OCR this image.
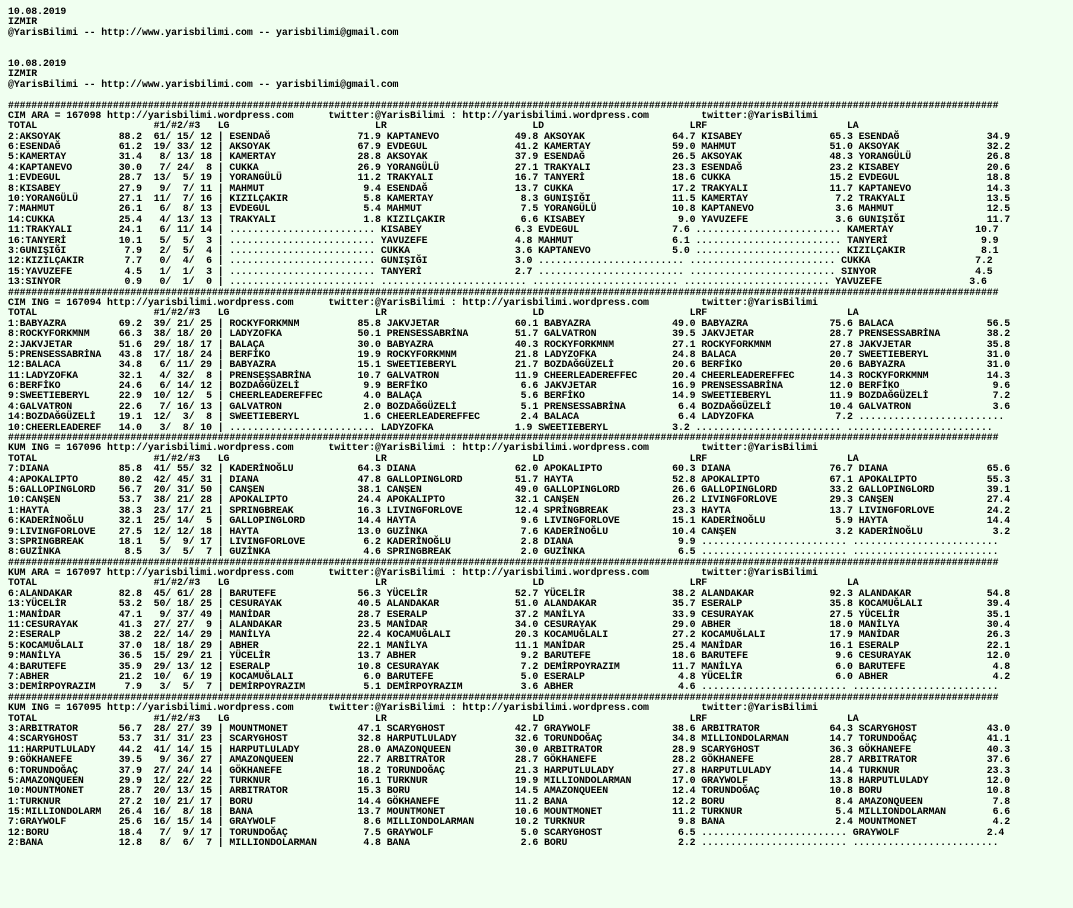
10.08.2019
IZMIR
@YarisBilimi -- http://www.yarisbilimi.com -- yarisbilimi@gmail.com

10.08.2019
IZMIR
@YarisBilimi -- http://www.yarisbilimi.com -- yarisbilimi@gmail.com

##########################################################################################################################################################################
CIM ARA = 167098 http://yarisbilimi.wordpress.com      twitter:@YarisBilimi : http://yarisbilimi.wordpress.com         twitter:@YarisBilimi
TOTAL                    #1/#2/#3   LG                         LR                         LD                         LRF                        LA
2:AKSOYAK          88.2  61/ 15/ 12 | ESENDAĞ               71.9 KAPTANEVO             49.8 AKSOYAK               64.7 KISABEY               65.3 ESENDAĞ               34.9
6:ESENDAĞ          61.2  19/ 33/ 12 | AKSOYAK               67.9 EVDEGUL               41.2 KAMERTAY              59.0 MAHMUT                51.0 AKSOYAK               32.2
5:KAMERTAY         31.4   8/ 13/ 18 | KAMERTAY              28.8 AKSOYAK               37.9 ESENDAĞ               26.5 AKSOYAK               48.3 YORANGÜLÜ             26.8
4:KAPTANEVO        30.0   7/ 24/  8 | CUKKA                 26.9 YORANGÜLÜ             27.1 TRAKYALI              23.3 ESENDAĞ               23.2 KISABEY               20.6
1:EVDEGUL          28.7  13/  5/ 19 | YORANGÜLÜ             11.2 TRAKYALI              16.7 TANYERİ               18.6 CUKKA                 15.2 EVDEGUL               18.8
8:KISABEY          27.9   9/  7/ 11 | MAHMUT                 9.4 ESENDAĞ               13.7 CUKKA                 17.2 TRAKYALI              11.7 KAPTANEVO             14.3
10:YORANGÜLÜ       27.1  11/  7/ 16 | KIZILÇAKIR             5.8 KAMERTAY               8.3 GUNIŞIĞI              11.5 KAMERTAY               7.2 TRAKYALI              13.5
7:MAHMUT           26.1   6/  8/ 13 | EVDEGUL                5.4 MAHMUT                 7.5 YORANGÜLÜ             10.8 KAPTANEVO              3.6 MAHMUT                12.5
14:CUKKA           25.4   4/ 13/ 13 | TRAKYALI               1.8 KIZILÇAKIR             6.6 KISABEY                9.0 YAVUZEFE               3.6 GUNIŞIĞI              11.7
11:TRAKYALI        24.1   6/ 11/ 14 | ......................... KISABEY                6.3 EVDEGUL                7.6 ......................... KAMERTAY              10.7
16:TANYERİ         10.1   5/  5/  3 | ......................... YAVUZEFE               4.8 MAHMUT                 6.1 ......................... TANYERİ                9.9
3:GUNIŞIĞI          7.9   2/  5/  4 | ......................... CUKKA                  3.6 KAPTANEVO              5.0 ......................... KIZILÇAKIR             8.1
12:KIZILÇAKIR       7.7   0/  4/  6 | ......................... GUNIŞIĞI               3.0 ......................... ......................... CUKKA                  7.2
15:YAVUZEFE         4.5   1/  1/  3 | ......................... TANYERİ                2.7 ......................... ......................... SINYOR                 4.5
13:SINYOR           0.9   0/  1/  0 | ......................... ......................... ......................... ......................... YAVUZEFE               3.6
##########################################################################################################################################################################
CIM ING = 167094 http://yarisbilimi.wordpress.com      twitter:@YarisBilimi : http://yarisbilimi.wordpress.com         twitter:@YarisBilimi
TOTAL                    #1/#2/#3   LG                         LR                         LD                         LRF                        LA
1:BABYAZRA         69.2  39/ 21/ 25 | ROCKYFORKMNM          85.8 JAKVJETAR             60.1 BABYAZRA              49.0 BABYAZRA              75.6 BALACA                56.5
8:ROCKYFORKMNM     66.3  38/ 18/ 20 | LADYZOFKA             50.1 PRENSESSABRİNA        51.7 GALVATRON             39.5 JAKVJETAR             28.7 PRENSESSABRİNA        38.2
2:JAKVJETAR        51.6  29/ 18/ 17 | BALAÇA                30.0 BABYAZRA              40.3 ROCKYFORKMNM          27.1 ROCKYFORKMNM          27.8 JAKVJETAR             35.8
5:PRENSESSABRİNA   43.8  17/ 18/ 24 | BERFİKO               19.9 ROCKYFORKMNM          21.8 LADYZOFKA             24.8 BALACA                20.7 SWEETIEBERYL          31.0
12:BALACA          34.8   6/ 11/ 29 | BABYAZRA              15.1 SWEETIEBERYL          21.7 BOZDAĞGÜZELİ          20.6 BERFİKO               20.6 BABYAZRA              31.0
11:LADYZOFKA       32.1   4/ 32/  8 | PRENSEŞSABRİNA        10.7 GALVATRON             11.9 CHEERLEADEREFFEC      20.4 CHEERLEADEREFFEC      14.3 ROCKYFORKMNM          14.3
6:BERFİKO          24.6   6/ 14/ 12 | BOZDAĞGÜZELİ           9.9 BERFİKO                6.6 JAKVJETAR             16.9 PRENSESSABRİNA        12.0 BERFİKO                9.6
9:SWEETIEBERYL     22.9  10/ 12/  5 | CHEERLEADEREFFEC       4.0 BALAÇA                 5.6 BERFİKO               14.9 SWEETIEBERYL          11.9 BOZDAĞGÜZELİ           7.2
4:GALVATRON        22.6   7/ 16/ 13 | GALVATRON              2.0 BOZDAĞGÜZELİ           5.1 PRENSESSABRİNA         6.4 BOZDAĞGÜZELİ          10.4 GALVATRON              3.6
14:BOZDAĞGÜZELİ    19.1  12/  3/  8 | SWEETIEBERYL           1.6 CHEERLEADEREFFEC       2.4 BALACA                 6.4 LADYZOFKA              7.2 .........................
10:CHEERLEADEREF   14.0   3/  8/ 10 | ......................... LADYZOFKA              1.9 SWEETIEBERYL           3.2 ......................... .........................
##########################################################################################################################################################################
KUM ING = 167096 http://yarisbilimi.wordpress.com      twitter:@YarisBilimi : http://yarisbilimi.wordpress.com         twitter:@YarisBilimi
TOTAL                    #1/#2/#3   LG                         LR                         LD                         LRF                        LA
7:DIANA            85.8  41/ 55/ 32 | KADERİNOĞLU           64.3 DIANA                 62.0 APOKALIPTO            60.3 DIANA                 76.7 DIANA                 65.6
4:APOKALIPTO       80.2  42/ 45/ 31 | DIANA                 47.8 GALLOPINGLORD         51.7 HAYTA                 52.8 APOKALIPTO            67.1 APOKALIPTO            55.3
5:GALLOPINGLORD    56.7  20/ 31/ 50 | CANŞEN                38.1 CANŞEN                49.0 GALLOPINGLORD         26.6 GALLOPINGLORD         33.2 GALLOPINGLORD         39.1
10:CANŞEN          53.7  38/ 21/ 28 | APOKALIPTO            24.4 APOKALIPTO            32.1 CANŞEN                26.2 LIVINGFORLOVE         29.3 CANŞEN                27.4
1:HAYTA            38.3  23/ 17/ 21 | SPRINGBREAK           16.3 LIVINGFORLOVE         12.4 SPRİNGBREAK           23.3 HAYTA                 13.7 LIVINGFORLOVE         24.2
6:KADERİNOĞLU      32.1  25/ 14/  5 | GALLOPINGLORD         14.4 HAYTA                  9.6 LIVINGFORLOVE         15.1 KADERİNOĞLU            5.9 HAYTA                 14.4
9:LIVINGFORLOVE    27.5  12/ 12/ 18 | HAYTA                 13.0 GUZİNKA                7.6 KADERİNOĞLU           10.4 CANŞEN                 3.2 KADERİNOĞLU            3.2
3:SPRINGBREAK      18.1   5/  9/ 17 | LIVINGFORLOVE          6.2 KADERİNOĞLU            2.8 DIANA                  9.9 ......................... .........................
8:GUZİNKA           8.5   3/  5/  7 | GUZİNKA                4.6 SPRINGBREAK            2.0 GUZİNKA                6.5 ......................... .........................
##########################################################################################################################################################################
KUM ARA = 167097 http://yarisbilimi.wordpress.com      twitter:@YarisBilimi : http://yarisbilimi.wordpress.com         twitter:@YarisBilimi
TOTAL                    #1/#2/#3   LG                         LR                         LD                         LRF                        LA
6:ALANDAKAR        82.8  45/ 61/ 28 | BARUTEFE              56.3 YÜCELİR               52.7 YÜCELİR               38.2 ALANDAKAR             92.3 ALANDAKAR             54.8
13:YÜCELİR         53.2  50/ 18/ 25 | CESURAYAK             40.5 ALANDAKAR             51.0 ALANDAKAR             35.7 ESERALP               35.8 KOCAMUĞLALI           39.4
1:MANİDAR          47.1   9/ 37/ 49 | MANİDAR               28.7 ESERALP               37.2 MANİLYA               33.9 CESURAYAK             27.5 YÜCELİR               35.1
11:CESURAYAK       41.3  27/ 27/  9 | ALANDAKAR             23.5 MANİDAR               34.0 CESURAYAK             29.0 ABHER                 18.0 MANİLYA               30.4
2:ESERALP          38.2  22/ 14/ 29 | MANİLYA               22.4 KOCAMUĞLALI           20.3 KOCAMUĞLALI           27.2 KOCAMUĞLALI           17.9 MANİDAR               26.3
5:KOCAMUĞLALI      37.0  18/ 18/ 29 | ABHER                 22.1 MANİLYA               11.1 MANİDAR               25.4 MANİDAR               16.1 ESERALP               22.1
9:MANİLYA          36.5  15/ 29/ 21 | YÜCELİR               13.7 ABHER                  9.2 BARUTEFE              18.6 BARUTEFE               9.6 CESURAYAK             12.0
4:BARUTEFE         35.9  29/ 13/ 12 | ESERALP               10.8 CESURAYAK              7.2 DEMİRPOYRAZIM         11.7 MANİLYA                6.0 BARUTEFE               4.8
7:ABHER            21.2  10/  6/ 19 | KOCAMUĞLALI            6.0 BARUTEFE               5.0 ESERALP                4.8 YÜCELİR                6.0 ABHER                  4.2
3:DEMİRPOYRAZIM     7.9   3/  5/  7 | DEMİRPOYRAZIM          5.1 DEMİRPOYRAZIM          3.6 ABHER                  4.6 ......................... .........................
##########################################################################################################################################################################
KUM ING = 167095 http://yarisbilimi.wordpress.com      twitter:@YarisBilimi : http://yarisbilimi.wordpress.com         twitter:@YarisBilimi
TOTAL                    #1/#2/#3   LG                         LR                         LD                         LRF                        LA
3:ARBITRATOR       56.7  28/ 27/ 39 | MOUNTMONET            47.1 SCARYGHOST            42.7 GRAYWOLF              38.6 ARBITRATOR            64.3 SCARYGHOST            43.0
4:SCARYGHOST       53.7  31/ 31/ 23 | SCARYGHOST            32.8 HARPUTLULADY          32.6 TORUNDOĞAÇ            34.8 MILLIONDOLARMAN       14.7 TORUNDOĞAÇ            41.1
11:HARPUTLULADY    44.2  41/ 14/ 15 | HARPUTLULADY          28.0 AMAZONQUEEN           30.0 ARBITRATOR            28.9 SCARYGHOST            36.3 GÖKHANEFE             40.3
9:GÖKHANEFE        39.5   9/ 36/ 27 | AMAZONQUEEN           22.7 ARBITRATOR            28.7 GÖKHANEFE             28.2 GÖKHANEFE             28.7 ARBITRATOR            37.6
6:TORUNDOĞAÇ       37.9  27/ 24/ 14 | GÖKHANEFE             18.2 TORUNDOĞAÇ            21.3 HARPUTLULADY          27.8 HARPUTLULADY          14.4 TURKNUR               23.3
5:AMAZONQUEEN      29.9  12/ 22/ 22 | TURKNUR               16.1 TURKNUR               19.9 MILLIONDOLARMAN       17.0 GRAYWOLF              13.8 HARPUTLULADY          12.0
10:MOUNTMONET      28.7  20/ 13/ 15 | ARBITRATOR            15.3 BORU                  14.5 AMAZONQUEEN           12.4 TORUNDOĞAÇ            10.8 BORU                  10.8
1:TURKNUR          27.2  10/ 21/ 17 | BORU                  14.4 GÖKHANEFE             11.2 BANA                  12.2 BORU                   8.4 AMAZONQUEEN            7.8
15:MILLIONDOLARM   26.4  16/  8/ 18 | BANA                  13.7 MOUNTMONET            10.6 MOUNTMONET            11.2 TURKNUR                5.4 MILLIONDOLARMAN        6.6
7:GRAYWOLF         25.6  16/ 15/ 14 | GRAYWOLF               8.6 MILLIONDOLARMAN       10.2 TURKNUR                9.8 BANA                   2.4 MOUNTMONET             4.2
12:BORU            18.4   7/  9/ 17 | TORUNDOĞAÇ             7.5 GRAYWOLF               5.0 SCARYGHOST             6.5 ......................... GRAYWOLF               2.4
2:BANA             12.8   8/  6/  7 | MILLIONDOLARMAN        4.8 BANA                   2.6 BORU                   2.2 ......................... .........................
